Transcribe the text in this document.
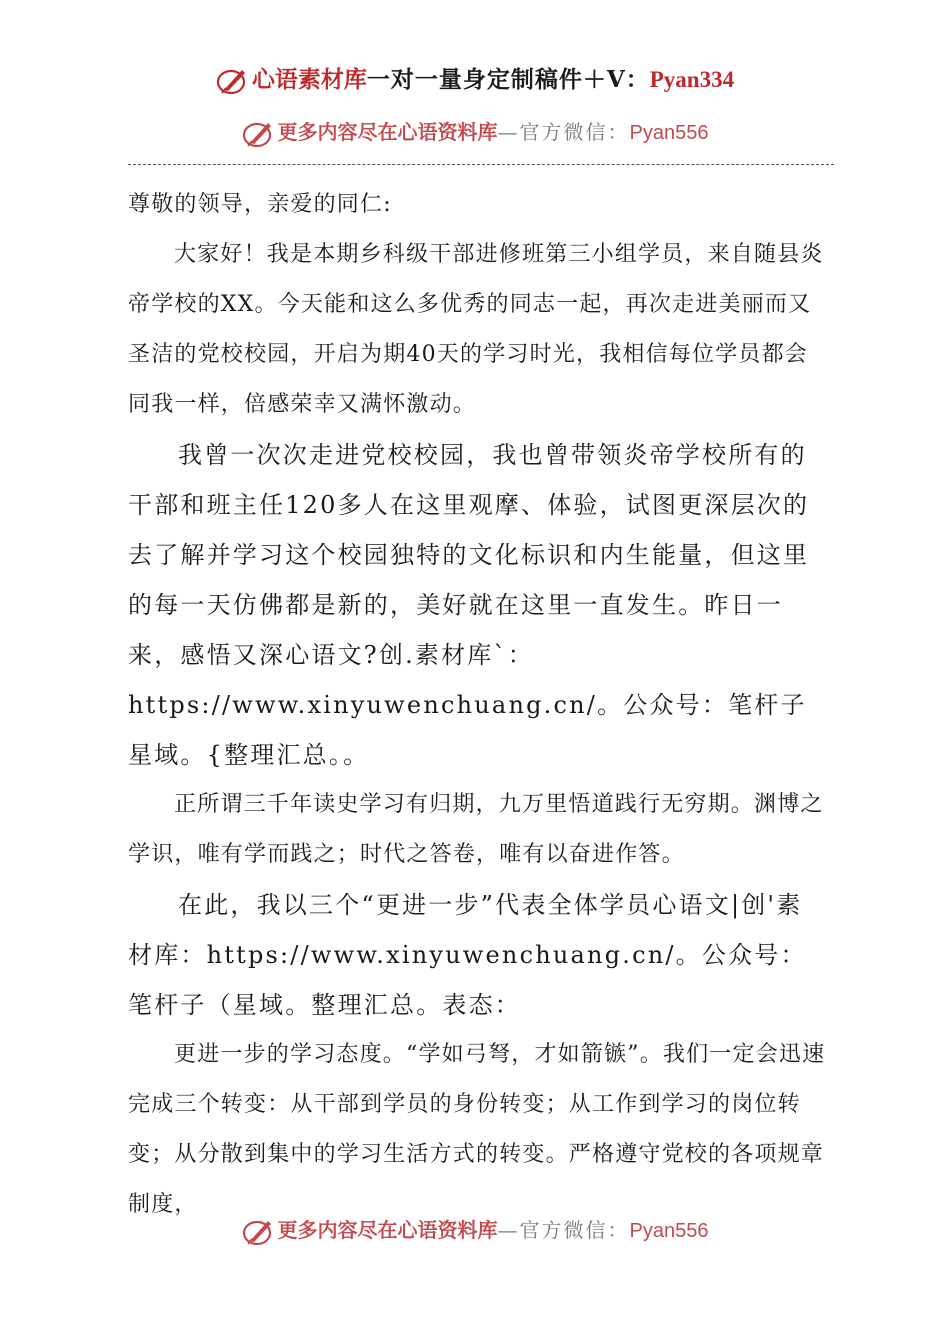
心语素材库一对一量身定制稿件＋V：Pyan334
更多内容尽在心语资料库—官方微信：Pyan556

尊敬的领导，亲爱的同仁:

大家好！我是本期乡科级干部进修班第三小组学员，来自随县炎帝学校的XX。今天能和这么多优秀的同志一起，再次走进美丽而又圣洁的党校校园，开启为期40天的学习时光，我相信每位学员都会同我一样，倍感荣幸又满怀激动。

我曾一次次走进党校校园，我也曾带领炎帝学校所有的干部和班主任120多人在这里观摩、体验，试图更深层次的去了解并学习这个校园独特的文化标识和内生能量，但这里的每一天仿佛都是新的，美好就在这里一直发生。昨日一来，感悟又深心语文?创.素材库`：https://www.xinyuwenchuang.cn/。公众号：笔杆子星域。{整理汇总。。

正所谓三千年读史学习有归期，九万里悟道践行无穷期。渊博之学识，唯有学而践之；时代之答卷，唯有以奋进作答。

在此，我以三个“更进一步”代表全体学员心语文|创'素材库：https://www.xinyuwenchuang.cn/。公众号：笔杆子（星域。整理汇总。表态：

更进一步的学习态度。“学如弓弩，才如箭镞”。我们一定会迅速完成三个转变：从干部到学员的身份转变；从工作到学习的岗位转变；从分散到集中的学习生活方式的转变。严格遵守党校的各项规章制度，

更多内容尽在心语资料库—官方微信：Pyan556
